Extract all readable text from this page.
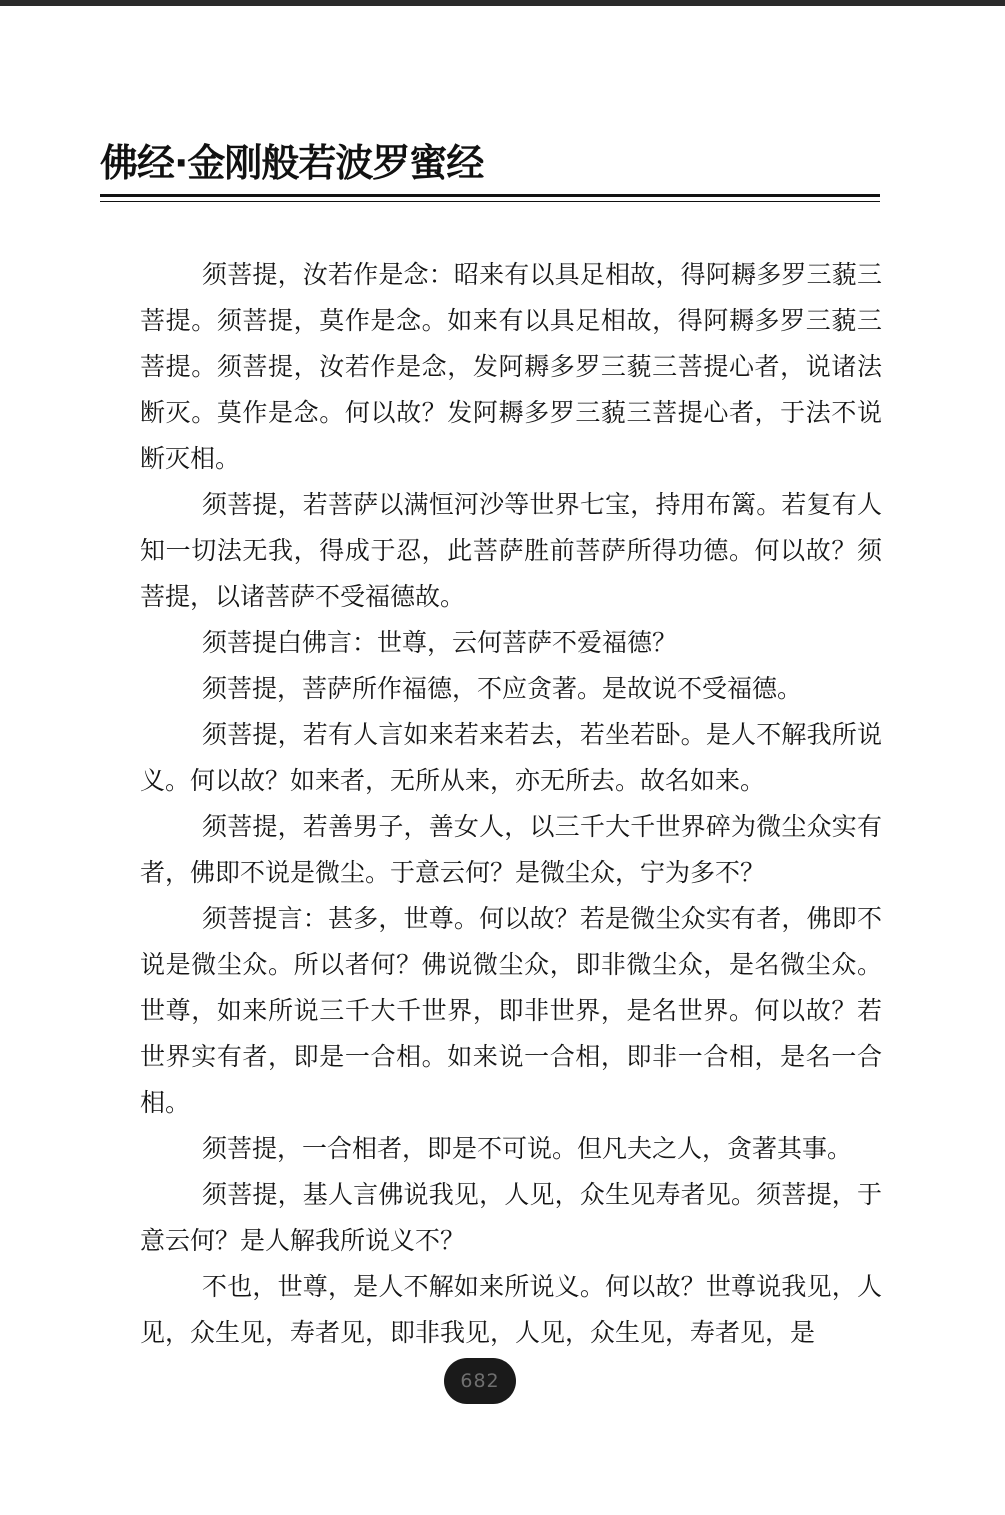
佛经·金刚般若波罗蜜经

须菩提，汝若作是念：昭来有以具足相故，得阿耨多罗三藐三菩提。须菩提，莫作是念。如来有以具足相故，得阿耨多罗三藐三菩提。须菩提，汝若作是念，发阿耨多罗三藐三菩提心者，说诸法断灭。莫作是念。何以故？发阿耨多罗三藐三菩提心者，于法不说断灭相。

须菩提，若菩萨以满恒河沙等世界七宝，持用布篱。若复有人知一切法无我，得成于忍，此菩萨胜前菩萨所得功德。何以故？须菩提，以诸菩萨不受福德故。

须菩提白佛言：世尊，云何菩萨不爱福德？

须菩提，菩萨所作福德，不应贪著。是故说不受福德。

须菩提，若有人言如来若来若去，若坐若卧。是人不解我所说义。何以故？如来者，无所从来，亦无所去。故名如来。

须菩提，若善男子，善女人，以三千大千世界碎为微尘众实有者，佛即不说是微尘。于意云何？是微尘众，宁为多不？

须菩提言：甚多，世尊。何以故？若是微尘众实有者，佛即不说是微尘众。所以者何？佛说微尘众，即非微尘众，是名微尘众。世尊，如来所说三千大千世界，即非世界，是名世界。何以故？若世界实有者，即是一合相。如来说一合相，即非一合相，是名一合相。

须菩提，一合相者，即是不可说。但凡夫之人，贪著其事。

须菩提，基人言佛说我见，人见，众生见寿者见。须菩提，于意云何？是人解我所说义不？

不也，世尊，是人不解如来所说义。何以故？世尊说我见，人见，众生见，寿者见，即非我见，人见，众生见，寿者见，是

682
